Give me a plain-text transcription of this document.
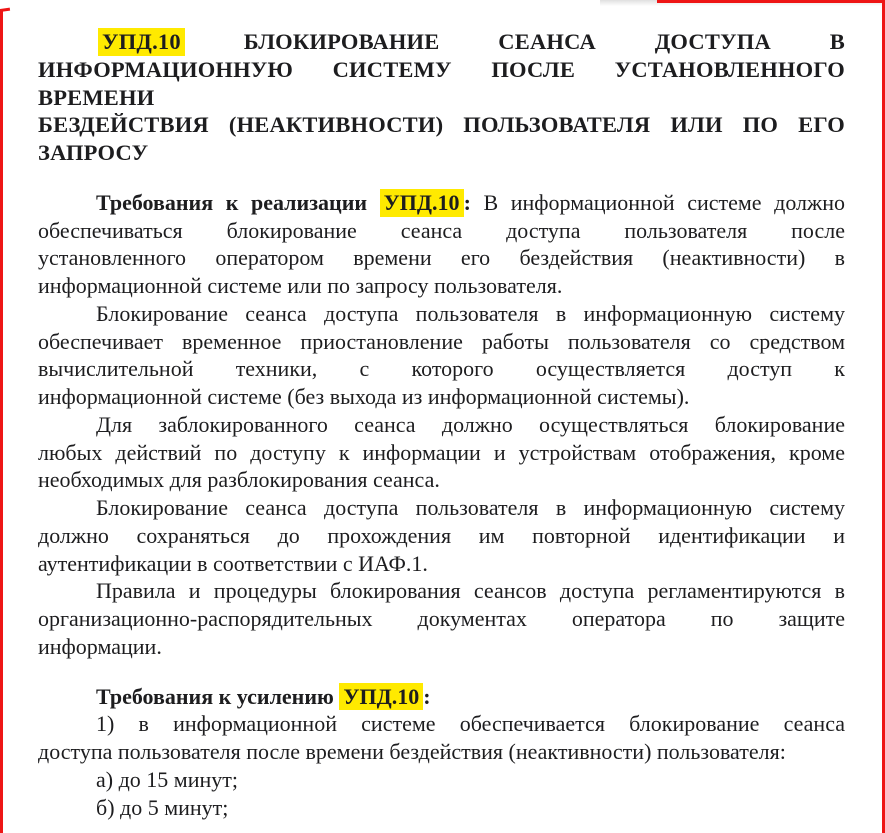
УПД.10 БЛОКИРОВАНИЕ СЕАНСА ДОСТУПА В
ИНФОРМАЦИОННУЮ СИСТЕМУ ПОСЛЕ УСТАНОВЛЕННОГО ВРЕМЕНИ
БЕЗДЕЙСТВИЯ (НЕАКТИВНОСТИ) ПОЛЬЗОВАТЕЛЯ ИЛИ ПО ЕГО
ЗАПРОСУ
Требования к реализации УПД.10 : В информационной системе должно
обеспечиваться блокирование сеанса доступа пользователя после
установленного оператором времени его бездействия (неактивности) в
информационной системе или по запросу пользователя.
Блокирование сеанса доступа пользователя в информационную систему
обеспечивает временное приостановление работы пользователя со средством
вычислительной техники, с которого осуществляется доступ к
информационной системе (без выхода из информационной системы).
Для заблокированного сеанса должно осуществляться блокирование
любых действий по доступу к информации и устройствам отображения, кроме
необходимых для разблокирования сеанса.
Блокирование сеанса доступа пользователя в информационную систему
должно сохраняться до прохождения им повторной идентификации и
аутентификации в соответствии с ИАФ.1.
Правила и процедуры блокирования сеансов доступа регламентируются в
организационно-распорядительных документах оператора по защите
информации.
Требования к усилению УПД.10 :
1) в информационной системе обеспечивается блокирование сеанса
доступа пользователя после времени бездействия (неактивности) пользователя:
а) до 15 минут;
б) до 5 минут;
